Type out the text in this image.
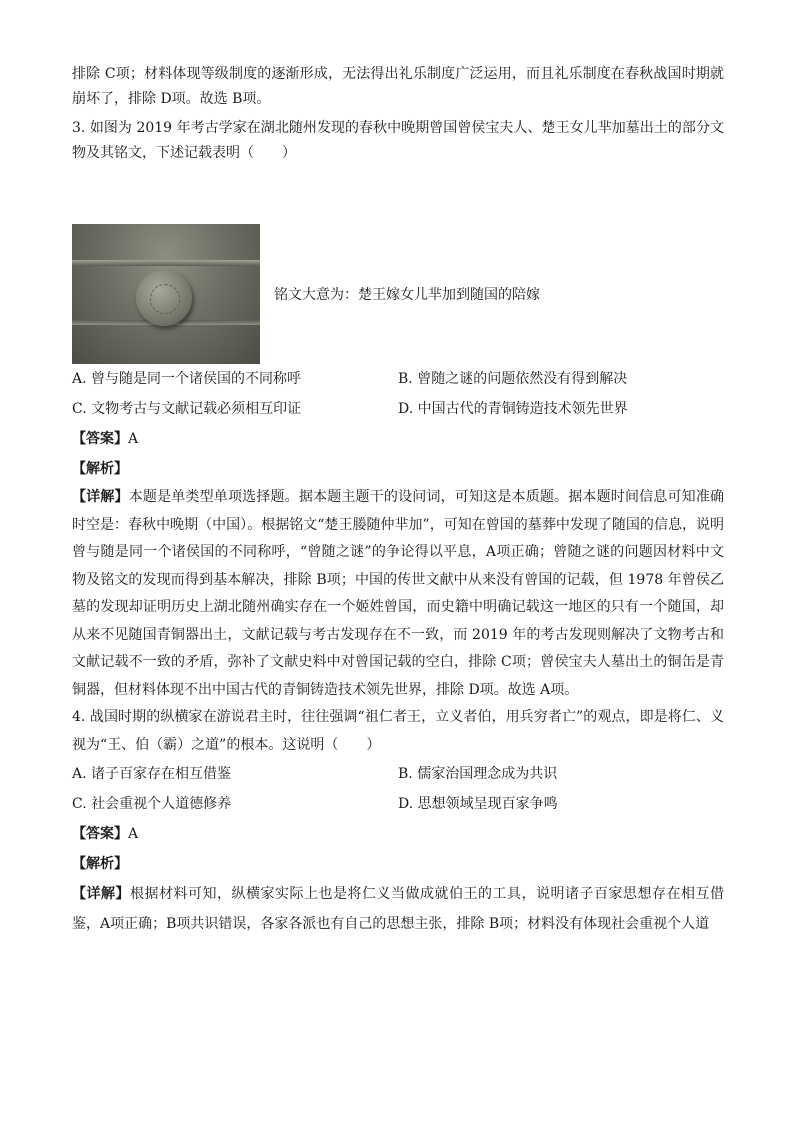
排除 C项；材料体现等级制度的逐渐形成，无法得出礼乐制度广泛运用，而且礼乐制度在春秋战国时期就崩坏了，排除 D项。故选 B项。

3. 如图为 2019 年考古学家在湖北随州发现的春秋中晚期曾国曾侯宝夫人、楚王女儿芈加墓出土的部分文物及其铭文，下述记载表明（　　）

铭文大意为：楚王嫁女儿芈加到随国的陪嫁

A. 曾与随是同一个诸侯国的不同称呼	B. 曾随之谜的问题依然没有得到解决

C. 文物考古与文献记载必须相互印证	D. 中国古代的青铜铸造技术领先世界

【答案】A

【解析】

【详解】本题是单类型单项选择题。据本题主题干的设问词，可知这是本质题。据本题时间信息可知准确时空是：春秋中晚期（中国）。根据铭文“楚王媵随仲芈加”，可知在曾国的墓葬中发现了随国的信息，说明曾与随是同一个诸侯国的不同称呼，“曾随之谜”的争论得以平息，A项正确；曾随之谜的问题因材料中文物及铭文的发现而得到基本解决，排除 B项；中国的传世文献中从来没有曾国的记载，但 1978 年曾侯乙墓的发现却证明历史上湖北随州确实存在一个姬姓曾国，而史籍中明确记载这一地区的只有一个随国，却从来不见随国青铜器出土，文献记载与考古发现存在不一致，而 2019 年的考古发现则解决了文物考古和文献记载不一致的矛盾，弥补了文献史料中对曾国记载的空白，排除 C项；曾侯宝夫人墓出土的铜缶是青铜器，但材料体现不出中国古代的青铜铸造技术领先世界，排除 D项。故选 A项。

4. 战国时期的纵横家在游说君主时，往往强调“祖仁者王，立义者伯，用兵穷者亡”的观点，即是将仁、义视为“王、伯（霸）之道”的根本。这说明（　　）

A. 诸子百家存在相互借鉴	B. 儒家治国理念成为共识

C. 社会重视个人道德修养	D. 思想领域呈现百家争鸣

【答案】A

【解析】

【详解】根据材料可知，纵横家实际上也是将仁义当做成就伯王的工具，说明诸子百家思想存在相互借鉴，A项正确；B项共识错误，各家各派也有自己的思想主张，排除 B项；材料没有体现社会重视个人道
